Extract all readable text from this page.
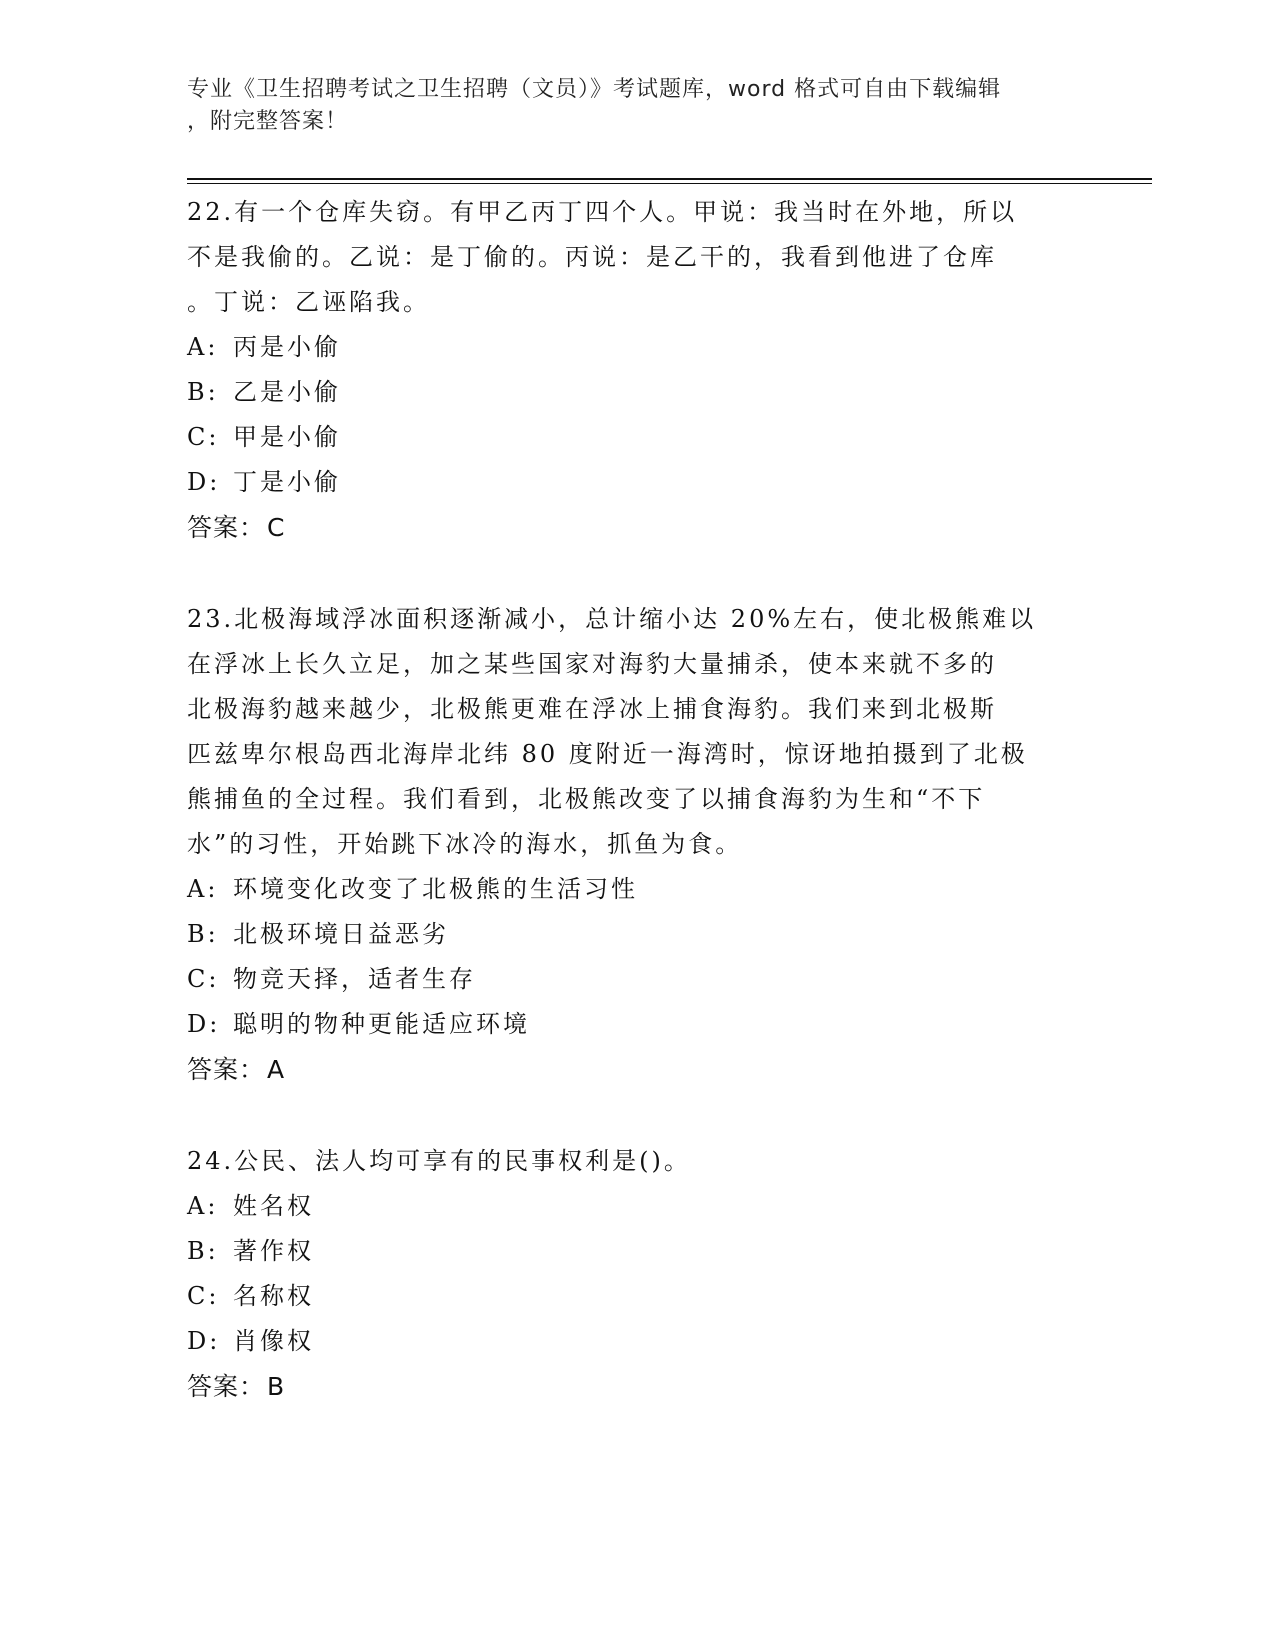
专业《卫生招聘考试之卫生招聘（文员）》考试题库，word 格式可自由下载编辑
，附完整答案！

22.有一个仓库失窃。有甲乙丙丁四个人。甲说：我当时在外地，所以

不是我偷的。乙说：是丁偷的。丙说：是乙干的，我看到他进了仓库

。丁说：乙诬陷我。

A: 丙是小偷

B: 乙是小偷

C: 甲是小偷

D: 丁是小偷

答案： C

23.北极海域浮冰面积逐渐减小，总计缩小达 20%左右，使北极熊难以

在浮冰上长久立足，加之某些国家对海豹大量捕杀，使本来就不多的

北极海豹越来越少，北极熊更难在浮冰上捕食海豹。我们来到北极斯

匹兹卑尔根岛西北海岸北纬 80 度附近一海湾时，惊讶地拍摄到了北极

熊捕鱼的全过程。我们看到，北极熊改变了以捕食海豹为生和“不下

水”的习性，开始跳下冰冷的海水，抓鱼为食。

A: 环境变化改变了北极熊的生活习性

B: 北极环境日益恶劣

C: 物竞天择，适者生存

D: 聪明的物种更能适应环境

答案： A

24.公民、法人均可享有的民事权利是()。

A: 姓名权

B: 著作权

C: 名称权

D: 肖像权

答案： B
